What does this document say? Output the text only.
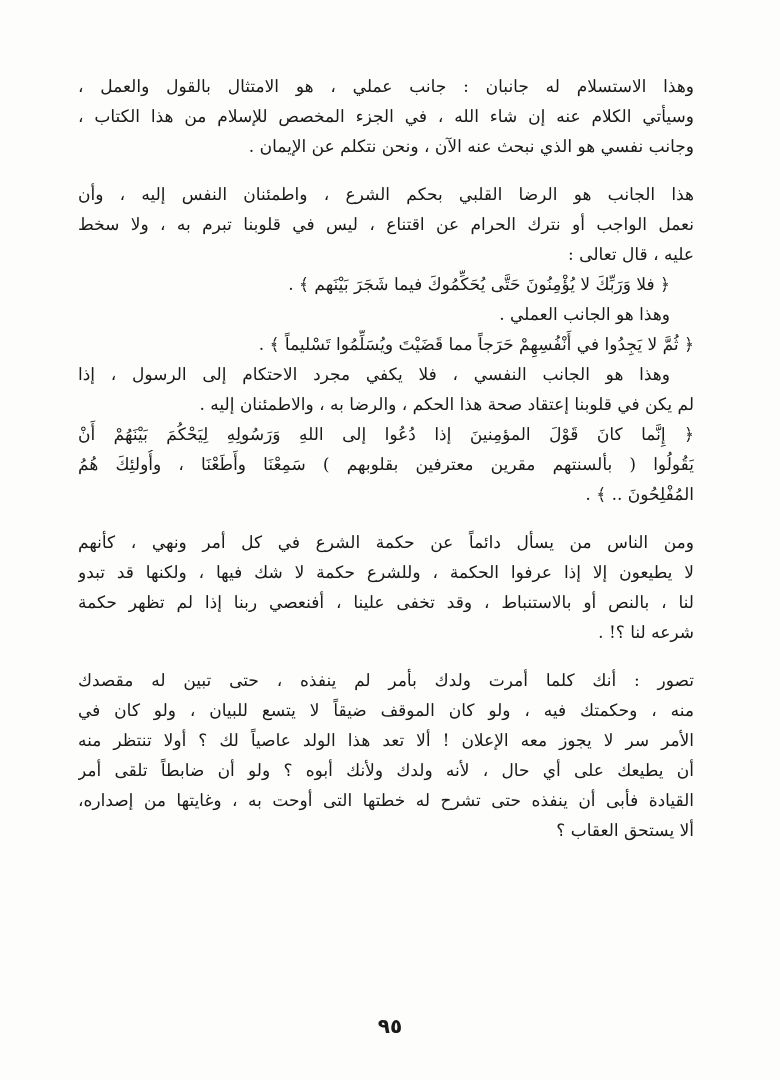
وهذا الاستسلام له جانبان : جانب عملي ، هو الامتثال بالقول والعمل ،
وسيأتي الكلام عنه إن شاء الله ، في الجزء المخصص للإسلام من هذا الكتاب ،
وجانب نفسي هو الذي نبحث عنه الآن ، ونحن نتكلم عن الإيمان .
هذا الجانب هو الرضا القلبي بحكم الشرع ، واطمئنان النفس إليه ، وأن
نعمل الواجب أو نترك الحرام عن اقتناع ، ليس في قلوبنا تبرم به ، ولا سخط
عليه ، قال تعالى :
﴿ فلا وَرَبِّكَ لا يُؤْمِنُونَ حَتَّى يُحَكِّمُوكَ فيما شَجَرَ بَيْنَهم ﴾ .
وهذا هو الجانب العملي .
﴿ ثُمَّ لا يَجِدُوا في أَنْفُسِهِمْ حَرَجاً مما قَضَيْتَ ويُسَلِّمُوا تَسْليماً ﴾ .
وهذا هو الجانب النفسي ، فلا يكفي مجرد الاحتكام إلى الرسول ، إذا
لم يكن في قلوبنا إعتقاد صحة هذا الحكم ، والرضا به ، والاطمئنان إليه .
﴿ إِنَّما كانَ قَوْلَ المؤمِنينَ إذا دُعُوا إلى اللهِ وَرَسُولِهِ لِيَحْكُمَ بَيْنَهُمْ أَنْ
يَقُولُوا ( بألسنتهم مقرين معترفين بقلوبهم ) سَمِعْنَا وأَطَعْنَا ، وأُولئِكَ هُمُ
المُفْلِحُونَ .. ﴾ .
ومن الناس من يسأل دائماً عن حكمة الشرع في كل أمر ونهي ، كأنهم
لا يطيعون إلا إذا عرفوا الحكمة ، وللشرع حكمة لا شك فيها ، ولكنها قد تبدو
لنا ، بالنص أو بالاستنباط ، وقد تخفى علينا ، أفنعصي ربنا إذا لم تظهر حكمة
شرعه لنا ؟! .
تصور : أنك كلما أمرت ولدك بأمر لم ينفذه ، حتى تبين له مقصدك
منه ، وحكمتك فيه ، ولو كان الموقف ضيقاً لا يتسع للبيان ، ولو كان في
الأمر سر لا يجوز معه الإعلان ! ألا تعد هذا الولد عاصياً لك ؟ أولا تنتظر منه
أن يطيعك على أي حال ، لأنه ولدك ولأنك أبوه ؟ ولو أن ضابطاً تلقى أمر
القيادة فأبى أن ينفذه حتى تشرح له خطتها التى أوحت به ، وغايتها من إصداره،
ألا يستحق العقاب ؟
٩٥
